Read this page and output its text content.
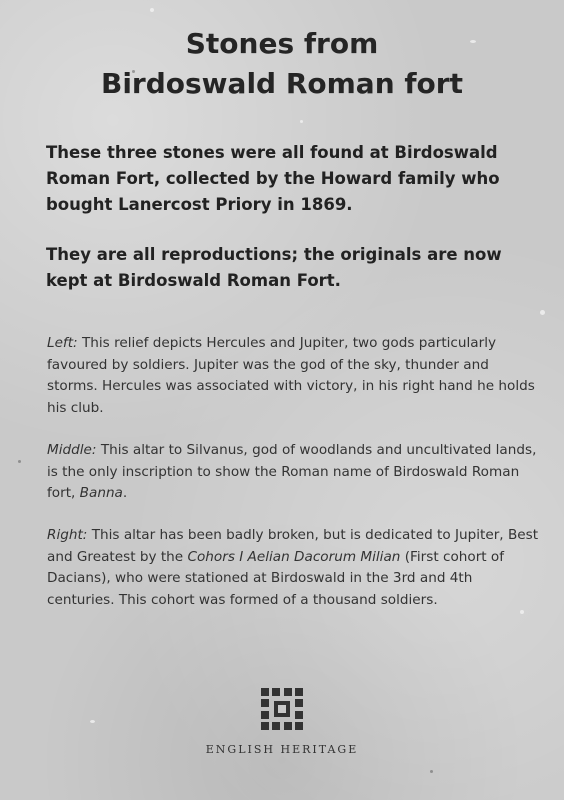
Stones from
Birdoswald Roman fort
These three stones were all found at Birdoswald Roman Fort, collected by the Howard family who bought Lanercost Priory in 1869.
They are all reproductions; the originals are now kept at Birdoswald Roman Fort.
Left: This relief depicts Hercules and Jupiter, two gods particularly favoured by soldiers. Jupiter was the god of the sky, thunder and storms. Hercules was associated with victory, in his right hand he holds his club.
Middle: This altar to Silvanus, god of woodlands and uncultivated lands, is the only inscription to show the Roman name of Birdoswald Roman fort, Banna.
Right: This altar has been badly broken, but is dedicated to Jupiter, Best and Greatest by the Cohors I Aelian Dacorum Milian (First cohort of Dacians), who were stationed at Birdoswald in the 3rd and 4th centuries. This cohort was formed of a thousand soldiers.
ENGLISH HERITAGE
